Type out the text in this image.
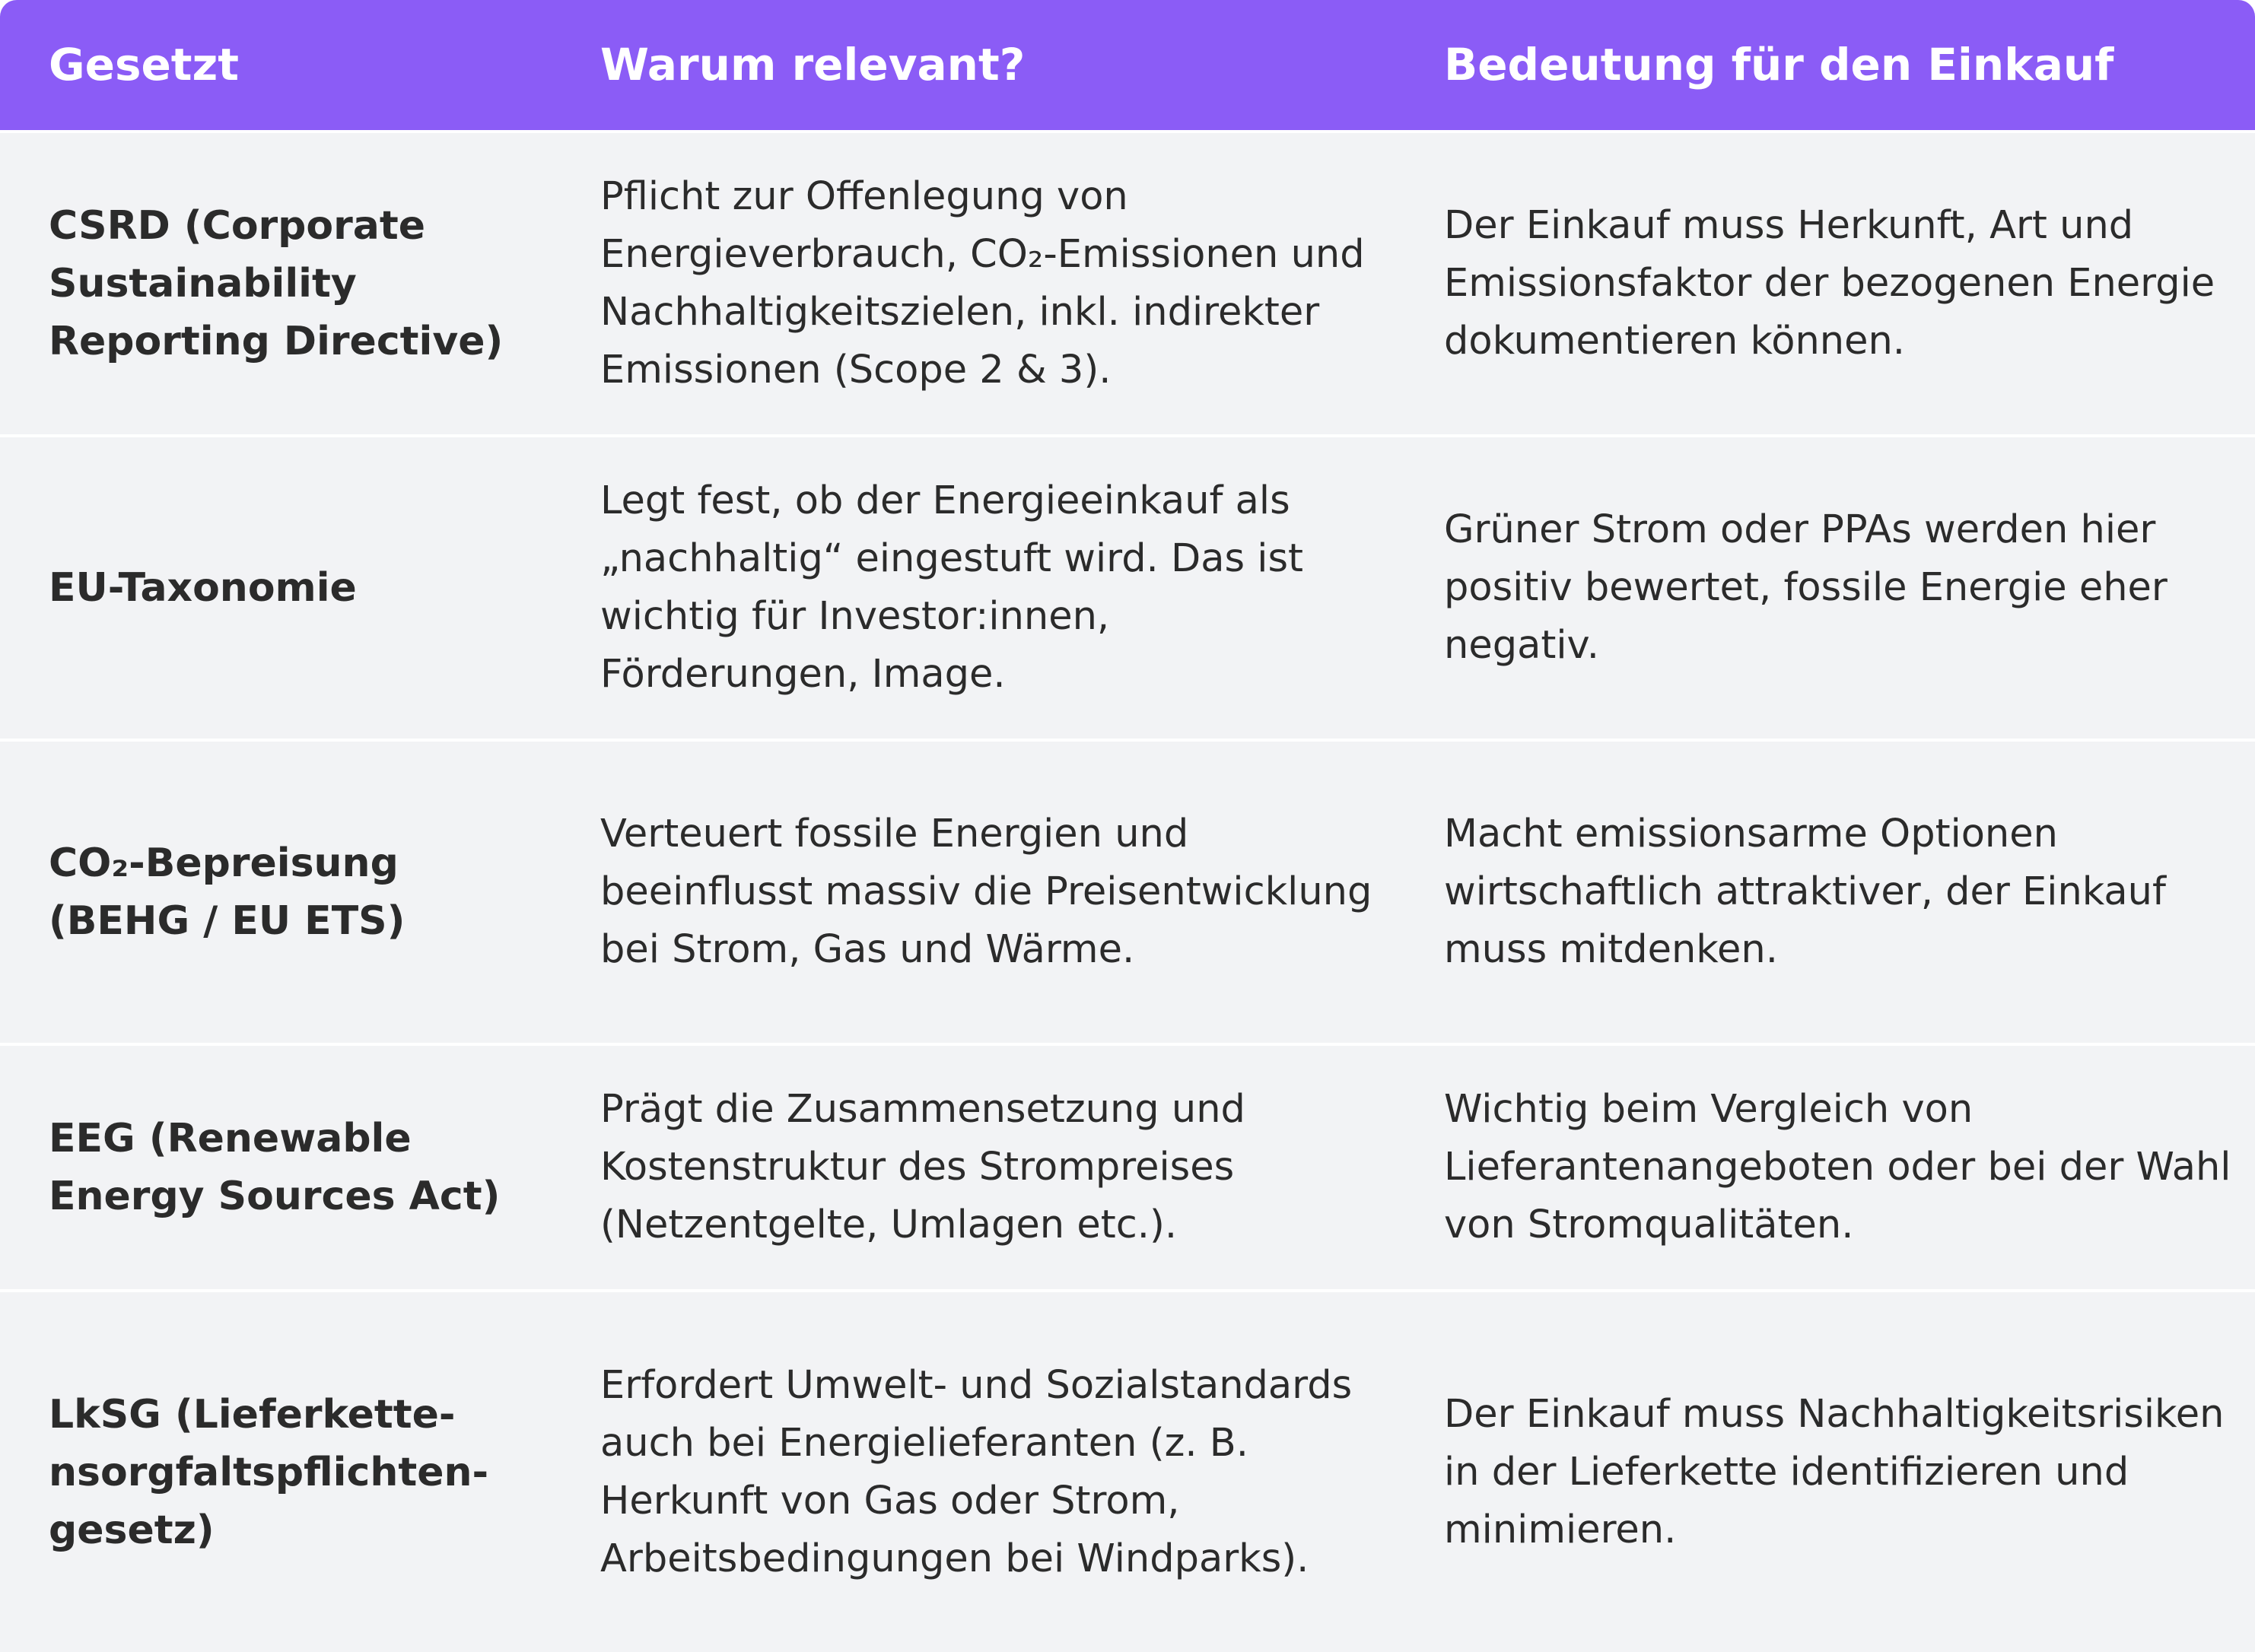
Gesetzt	Warum relevant?	Bedeutung für den Einkauf
CSRD (Corporate Sustainability Reporting Directive)
Pflicht zur Offenlegung von Energieverbrauch, CO₂-Emissionen und Nachhaltigkeitszielen, inkl. indirekter Emissionen (Scope 2 & 3).
Der Einkauf muss Herkunft, Art und Emissionsfaktor der bezogenen Energie dokumentieren können.
EU-Taxonomie
Legt fest, ob der Energieeinkauf als „nachhaltig“ eingestuft wird. Das ist wichtig für Investor:innen, Förderungen, Image.
Grüner Strom oder PPAs werden hier positiv bewertet, fossile Energie eher negativ.
CO₂-Bepreisung (BEHG / EU ETS)
Verteuert fossile Energien und beeinflusst massiv die Preisentwicklung bei Strom, Gas und Wärme.
Macht emissionsarme Optionen wirtschaftlich attraktiver, der Einkauf muss mitdenken.
EEG (Renewable Energy Sources Act)
Prägt die Zusammensetzung und Kostenstruktur des Strompreises (Netzentgelte, Umlagen etc.).
Wichtig beim Vergleich von Lieferantenangeboten oder bei der Wahl von Stromqualitäten.
LkSG (Lieferkette-nsorgfaltspflichten-gesetz)
Erfordert Umwelt- und Sozialstandards auch bei Energielieferanten (z. B. Herkunft von Gas oder Strom, Arbeitsbedingungen bei Windparks).
Der Einkauf muss Nachhaltigkeitsrisiken in der Lieferkette identifizieren und minimieren.
